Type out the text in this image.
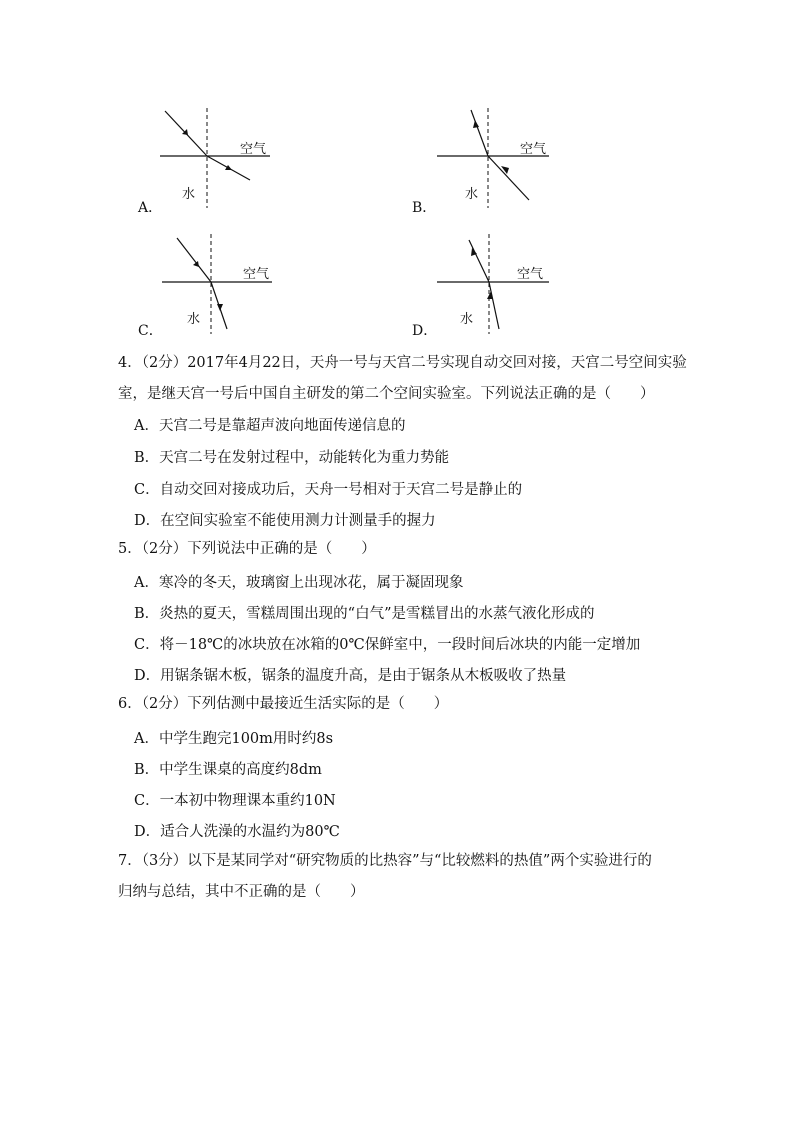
A．
空气
水
B．
空气
水
C．
空气
水
D．
空气
水
4．（2分）2017年4月22日，天舟一号与天宫二号实现自动交回对接，天宫二号空间实验
室，是继天宫一号后中国自主研发的第二个空间实验室。下列说法正确的是（　　）
A．天宫二号是靠超声波向地面传递信息的
B．天宫二号在发射过程中，动能转化为重力势能
C．自动交回对接成功后，天舟一号相对于天宫二号是静止的
D．在空间实验室不能使用测力计测量手的握力
5．（2分）下列说法中正确的是（　　）
A．寒冷的冬天，玻璃窗上出现冰花，属于凝固现象
B．炎热的夏天，雪糕周围出现的“白气”是雪糕冒出的水蒸气液化形成的
C．将－18℃的冰块放在冰箱的0℃保鲜室中，一段时间后冰块的内能一定增加
D．用锯条锯木板，锯条的温度升高，是由于锯条从木板吸收了热量
6．（2分）下列估测中最接近生活实际的是（　　）
A．中学生跑完100m用时约8s
B．中学生课桌的高度约8dm
C．一本初中物理课本重约10N
D．适合人洗澡的水温约为80℃
7．（3分）以下是某同学对“研究物质的比热容”与“比较燃料的热值”两个实验进行的
归纳与总结，其中不正确的是（　　）
